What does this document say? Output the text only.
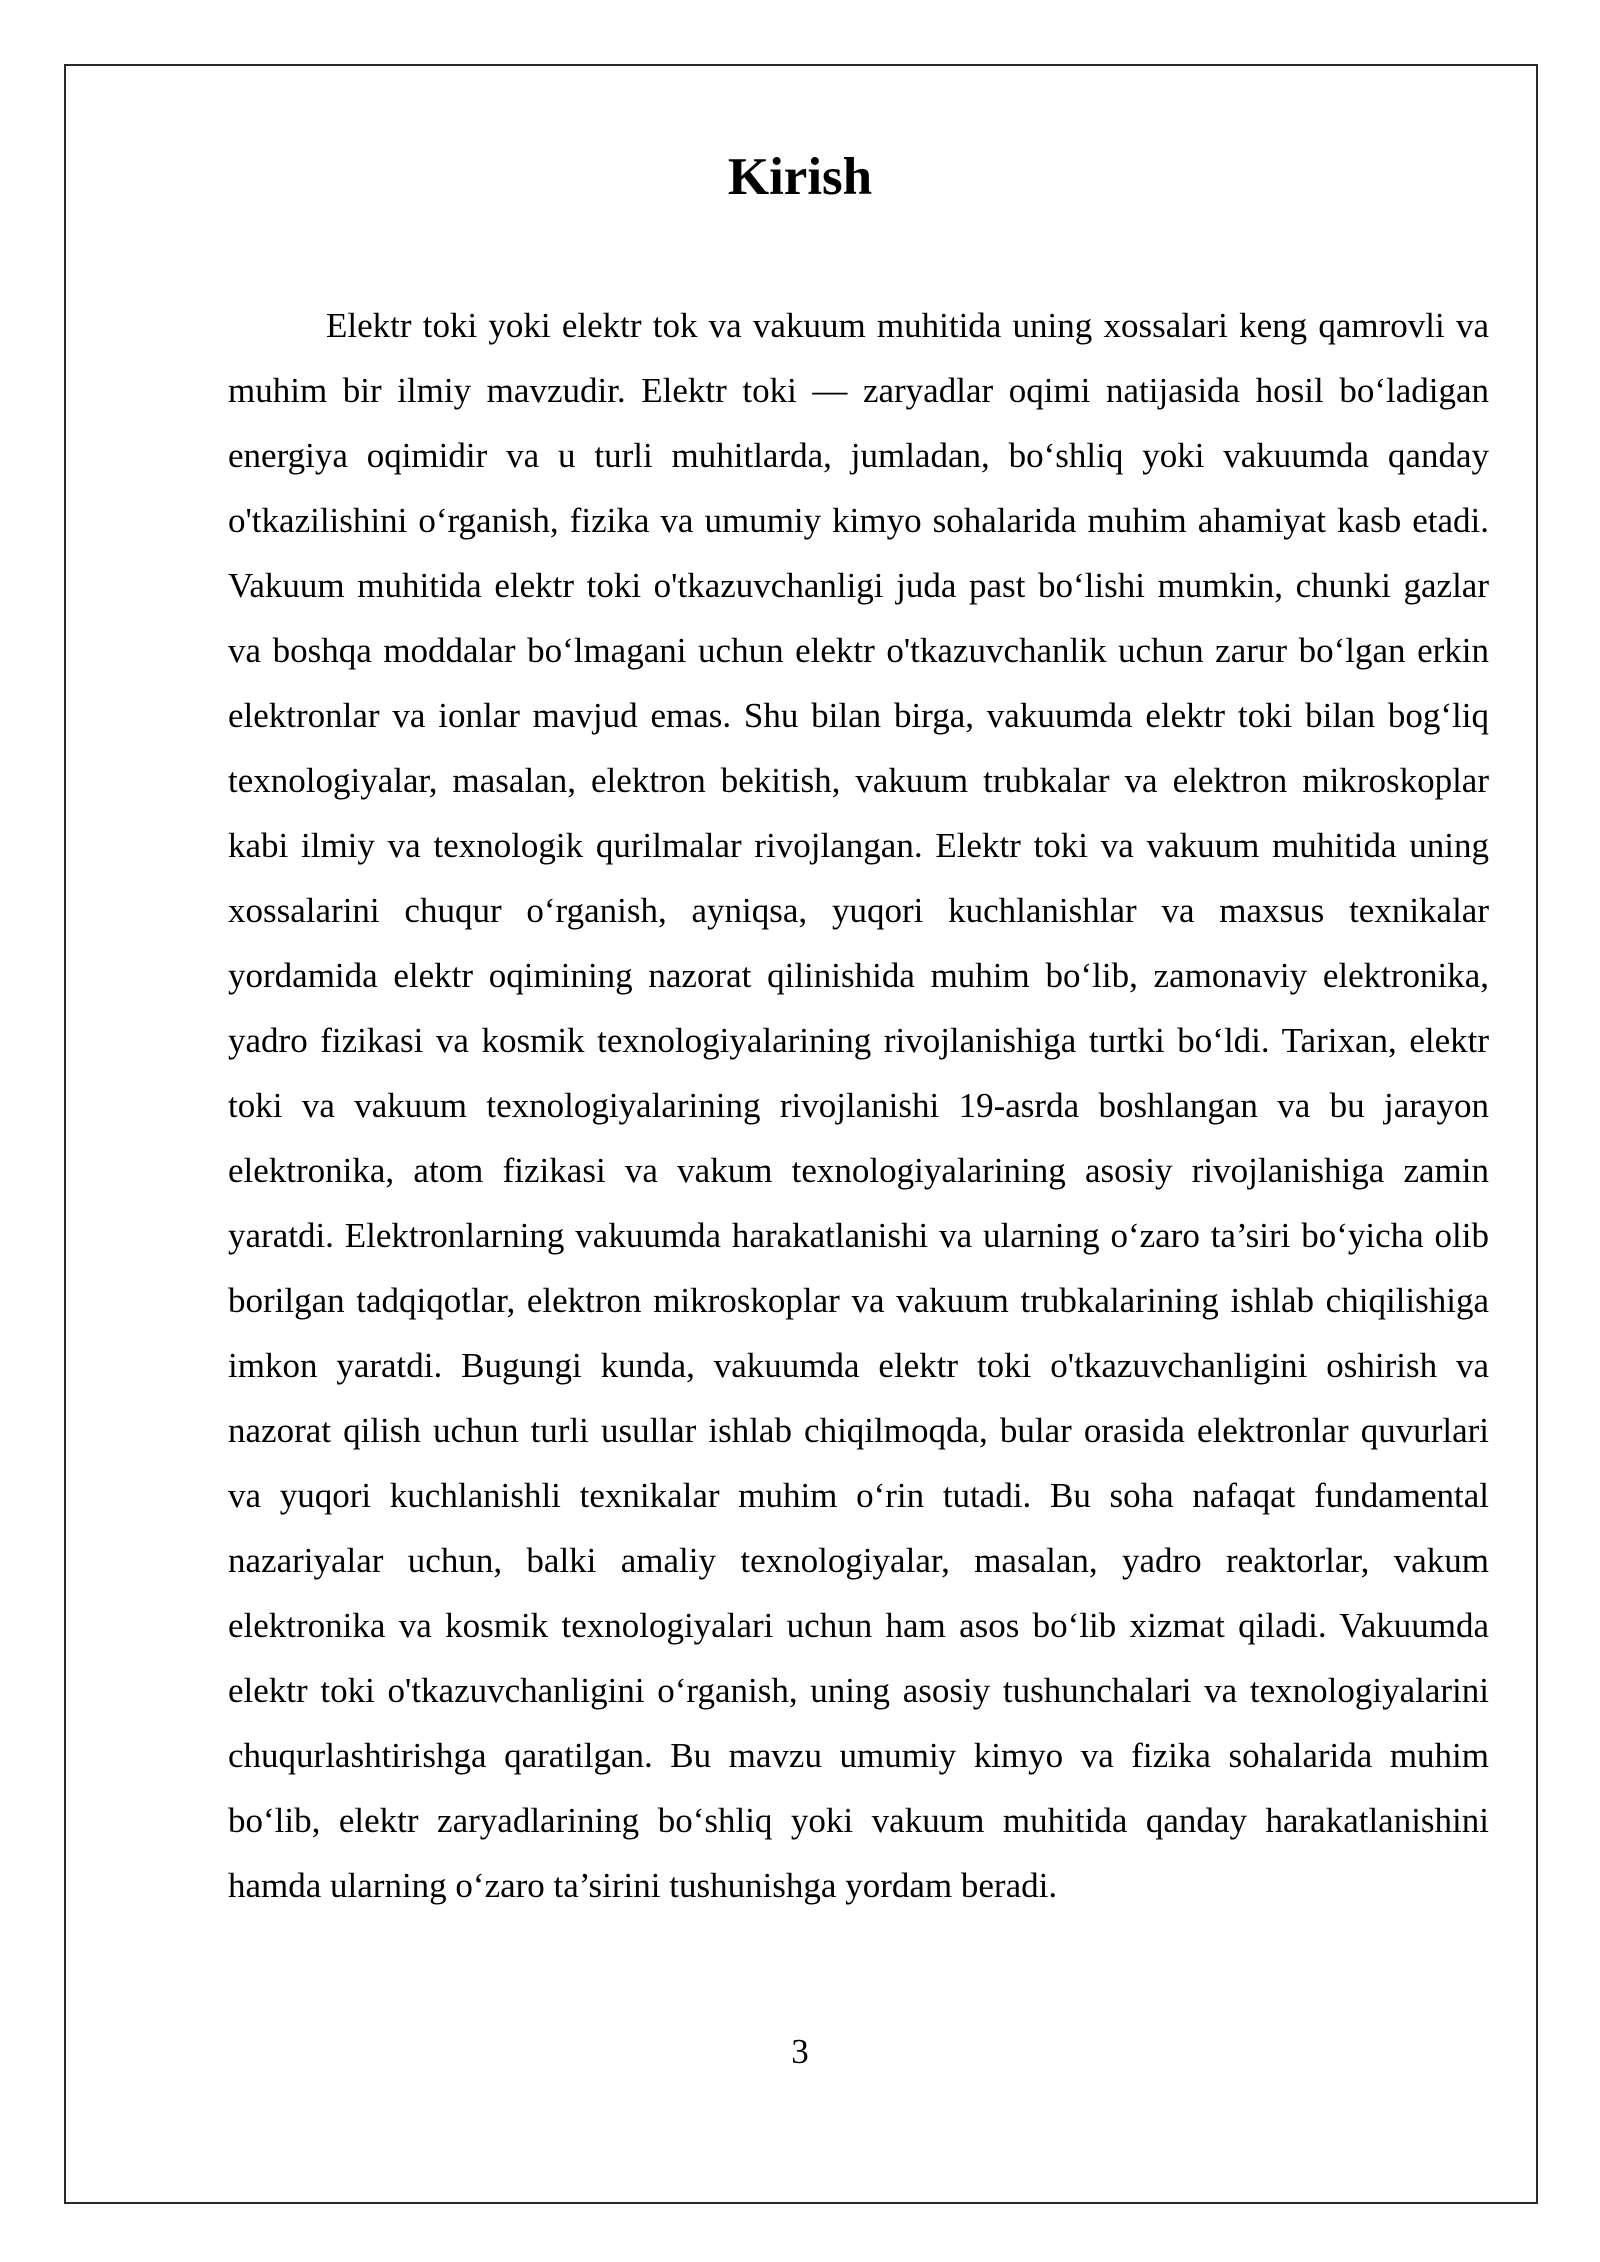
Kirish

Elektr toki yoki elektr tok va vakuum muhitida uning xossalari keng qamrovli va muhim bir ilmiy mavzudir. Elektr toki — zaryadlar oqimi natijasida hosil bo‘ladigan energiya oqimidir va u turli muhitlarda, jumladan, bo‘shliq yoki vakuumda qanday o'tkazilishini o‘rganish, fizika va umumiy kimyo sohalarida muhim ahamiyat kasb etadi. Vakuum muhitida elektr toki o'tkazuvchanligi juda past bo‘lishi mumkin, chunki gazlar va boshqa moddalar bo‘lmagani uchun elektr o'tkazuvchanlik uchun zarur bo‘lgan erkin elektronlar va ionlar mavjud emas. Shu bilan birga, vakuumda elektr toki bilan bog‘liq texnologiyalar, masalan, elektron bekitish, vakuum trubkalar va elektron mikroskoplar kabi ilmiy va texnologik qurilmalar rivojlangan. Elektr toki va vakuum muhitida uning xossalarini chuqur o‘rganish, ayniqsa, yuqori kuchlanishlar va maxsus texnikalar yordamida elektr oqimining nazorat qilinishida muhim bo‘lib, zamonaviy elektronika, yadro fizikasi va kosmik texnologiyalarining rivojlanishiga turtki bo‘ldi. Tarixan, elektr toki va vakuum texnologiyalarining rivojlanishi 19-asrda boshlangan va bu jarayon elektronika, atom fizikasi va vakum texnologiyalarining asosiy rivojlanishiga zamin yaratdi. Elektronlarning vakuumda harakatlanishi va ularning o‘zaro ta’siri bo‘yicha olib borilgan tadqiqotlar, elektron mikroskoplar va vakuum trubkalarining ishlab chiqilishiga imkon yaratdi. Bugungi kunda, vakuumda elektr toki o'tkazuvchanligini oshirish va nazorat qilish uchun turli usullar ishlab chiqilmoqda, bular orasida elektronlar quvurlari va yuqori kuchlanishli texnikalar muhim o‘rin tutadi. Bu soha nafaqat fundamental nazariyalar uchun, balki amaliy texnologiyalar, masalan, yadro reaktorlar, vakum elektronika va kosmik texnologiyalari uchun ham asos bo‘lib xizmat qiladi. Vakuumda elektr toki o'tkazuvchanligini o‘rganish, uning asosiy tushunchalari va texnologiyalarini chuqurlashtirishga qaratilgan. Bu mavzu umumiy kimyo va fizika sohalarida muhim bo‘lib, elektr zaryadlarining bo‘shliq yoki vakuum muhitida qanday harakatlanishini hamda ularning o‘zaro ta’sirini tushunishga yordam beradi.

3
